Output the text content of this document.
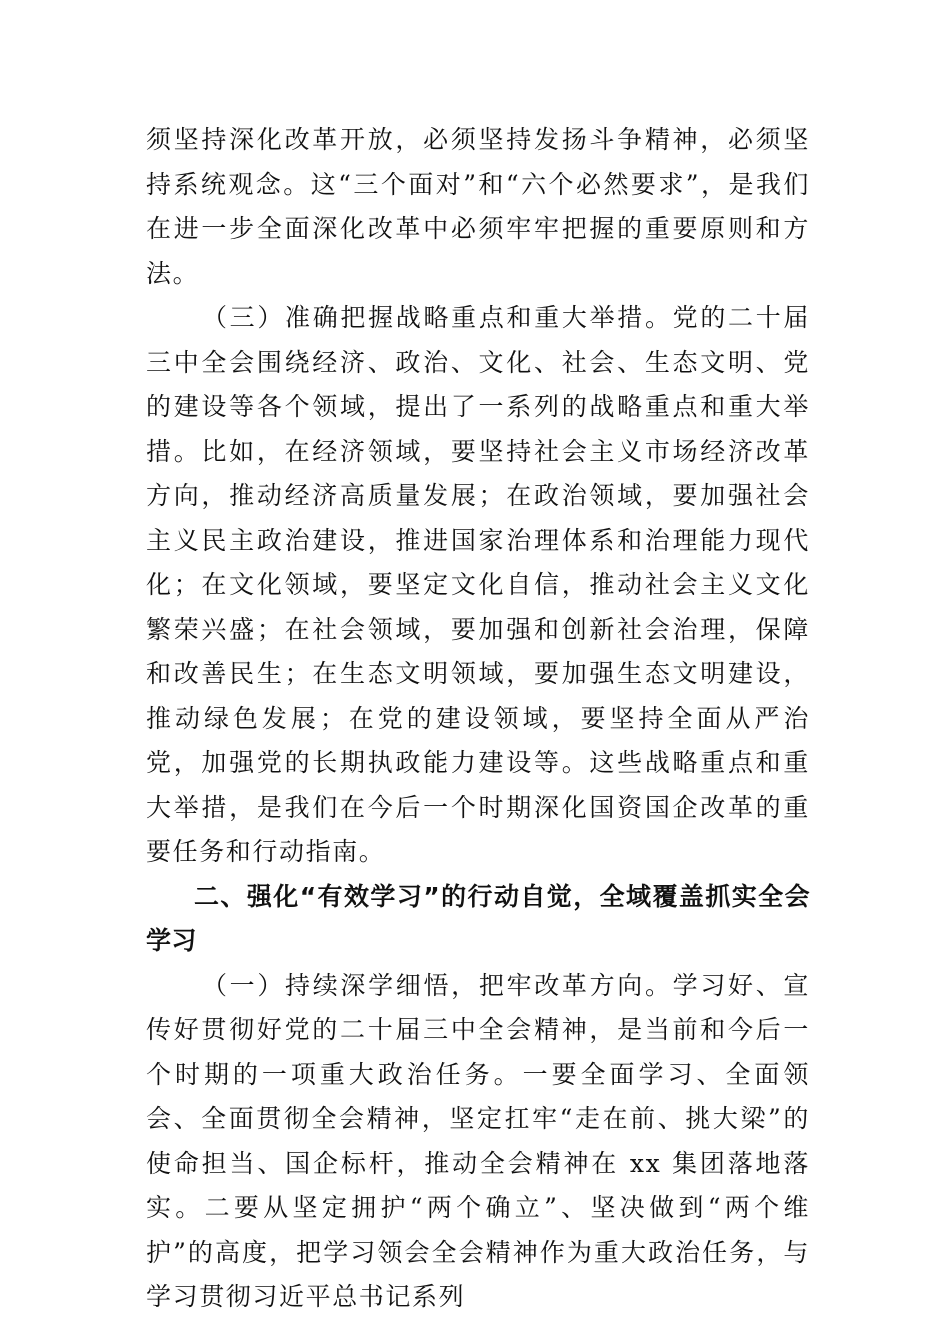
须坚持深化改革开放，必须坚持发扬斗争精神，必须坚持系统观念。这“三个面对”和“六个必然要求”，是我们在进一步全面深化改革中必须牢牢把握的重要原则和方法。

（三）准确把握战略重点和重大举措。党的二十届三中全会围绕经济、政治、文化、社会、生态文明、党的建设等各个领域，提出了一系列的战略重点和重大举措。比如，在经济领域，要坚持社会主义市场经济改革方向，推动经济高质量发展；在政治领域，要加强社会主义民主政治建设，推进国家治理体系和治理能力现代化；在文化领域，要坚定文化自信，推动社会主义文化繁荣兴盛；在社会领域，要加强和创新社会治理，保障和改善民生；在生态文明领域，要加强生态文明建设，推动绿色发展；在党的建设领域，要坚持全面从严治党，加强党的长期执政能力建设等。这些战略重点和重大举措，是我们在今后一个时期深化国资国企改革的重要任务和行动指南。

二、强化“有效学习”的行动自觉，全域覆盖抓实全会学习

（一）持续深学细悟，把牢改革方向。学习好、宣传好贯彻好党的二十届三中全会精神，是当前和今后一个时期的一项重大政治任务。一要全面学习、全面领会、全面贯彻全会精神，坚定扛牢“走在前、挑大梁”的使命担当、国企标杆，推动全会精神在 xx 集团落地落实。二要从坚定拥护“两个确立”、坚决做到“两个维护”的高度，把学习领会全会精神作为重大政治任务，与学习贯彻习近平总书记系列
